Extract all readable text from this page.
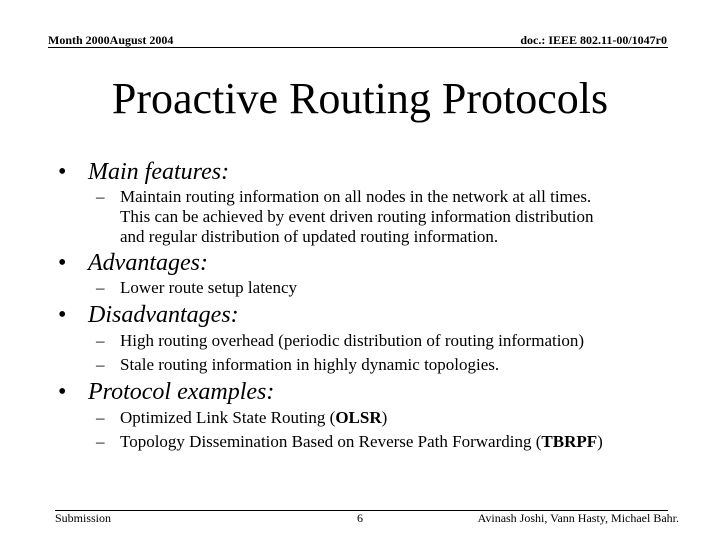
Month 2000August 2004	doc.: IEEE 802.11-00/1047r0
Proactive Routing Protocols
• Main features:
– Maintain routing information on all nodes in the network at all times.
This can be achieved by event driven routing information distribution
and regular distribution of updated routing information.
• Advantages:
– Lower route setup latency
• Disadvantages:
– High routing overhead (periodic distribution of routing information)
– Stale routing information in highly dynamic topologies.
• Protocol examples:
– Optimized Link State Routing (OLSR)
– Topology Dissemination Based on Reverse Path Forwarding (TBRPF)
Submission	6	Avinash Joshi, Vann Hasty, Michael Bahr.
